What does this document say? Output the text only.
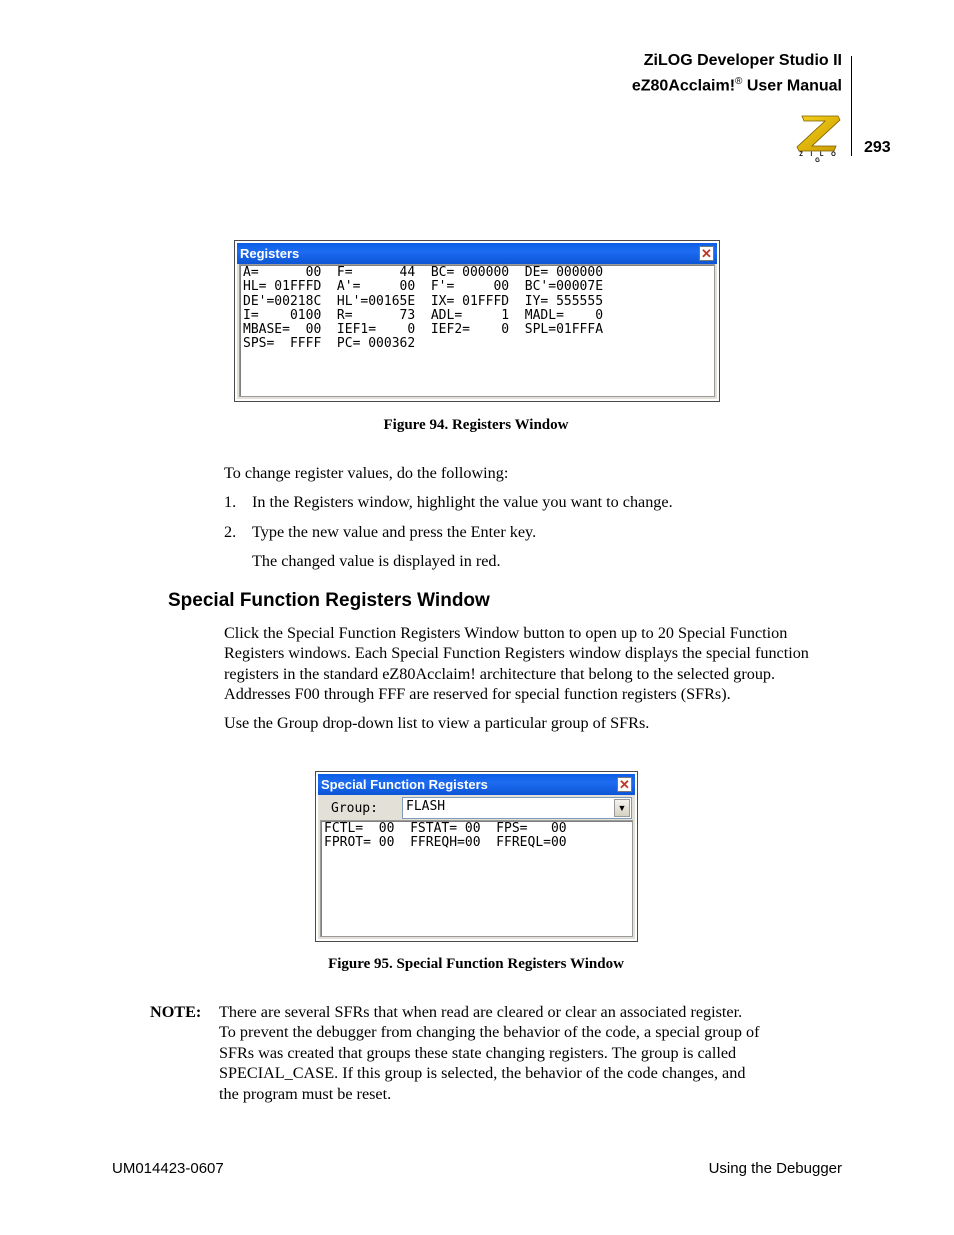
ZiLOG Developer Studio II
eZ80Acclaim!® User Manual
293
Z I L O G
Registers	✕
A=      00  F=      44  BC= 000000  DE= 000000
HL= 01FFFD  A'=     00  F'=     00  BC'=00007E
DE'=00218C  HL'=00165E  IX= 01FFFD  IY= 555555
I=    0100  R=      73  ADL=     1  MADL=    0
MBASE=  00  IEF1=    0  IEF2=    0  SPL=01FFFA
SPS=  FFFF  PC= 000362
Figure 94. Registers Window
To change register values, do the following:
1. In the Registers window, highlight the value you want to change.
2. Type the new value and press the Enter key.
The changed value is displayed in red.
Special Function Registers Window
Click the Special Function Registers Window button to open up to 20 Special Function
Registers windows. Each Special Function Registers window displays the special function
registers in the standard eZ80Acclaim! architecture that belong to the selected group.
Addresses F00 through FFF are reserved for special function registers (SFRs).
Use the Group drop-down list to view a particular group of SFRs.
Special Function Registers	✕
Group: FLASH	▼
FCTL=  00  FSTAT= 00  FPS=   00
FPROT= 00  FFREQH=00  FFREQL=00
Figure 95. Special Function Registers Window
NOTE: There are several SFRs that when read are cleared or clear an associated register.
To prevent the debugger from changing the behavior of the code, a special group of
SFRs was created that groups these state changing registers. The group is called
SPECIAL_CASE. If this group is selected, the behavior of the code changes, and
the program must be reset.
UM014423-0607	Using the Debugger
